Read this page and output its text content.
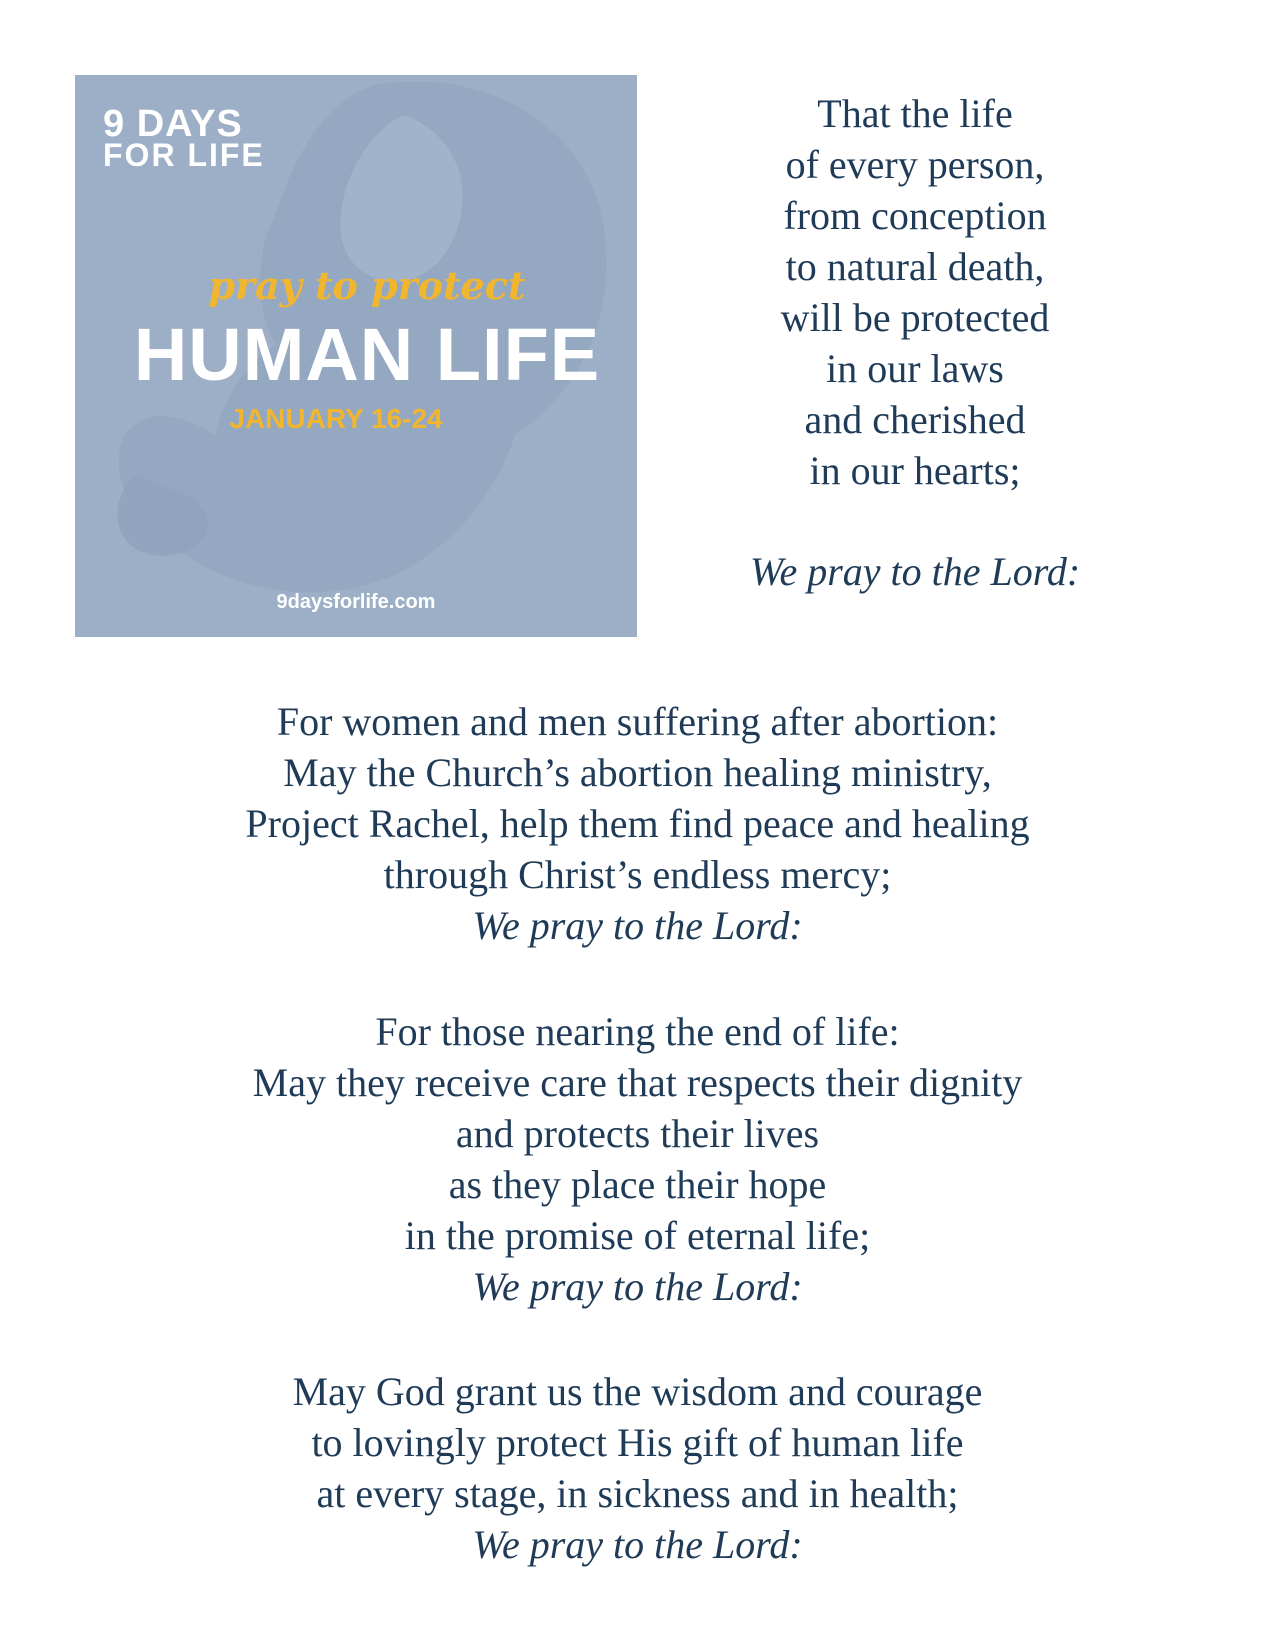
9 DAYS
FOR LIFE
pray to protect
HUMAN LIFE
JANUARY 16-24
9daysforlife.com
That the life
of every person,
from conception
to natural death,
will be protected
in our laws
and cherished
in our hearts;
We pray to the Lord:
For women and men suffering after abortion:
May the Church’s abortion healing ministry,
Project Rachel, help them find peace and healing
through Christ’s endless mercy;
We pray to the Lord:
For those nearing the end of life:
May they receive care that respects their dignity
and protects their lives
as they place their hope
in the promise of eternal life;
We pray to the Lord:
May God grant us the wisdom and courage
to lovingly protect His gift of human life
at every stage, in sickness and in health;
We pray to the Lord:
